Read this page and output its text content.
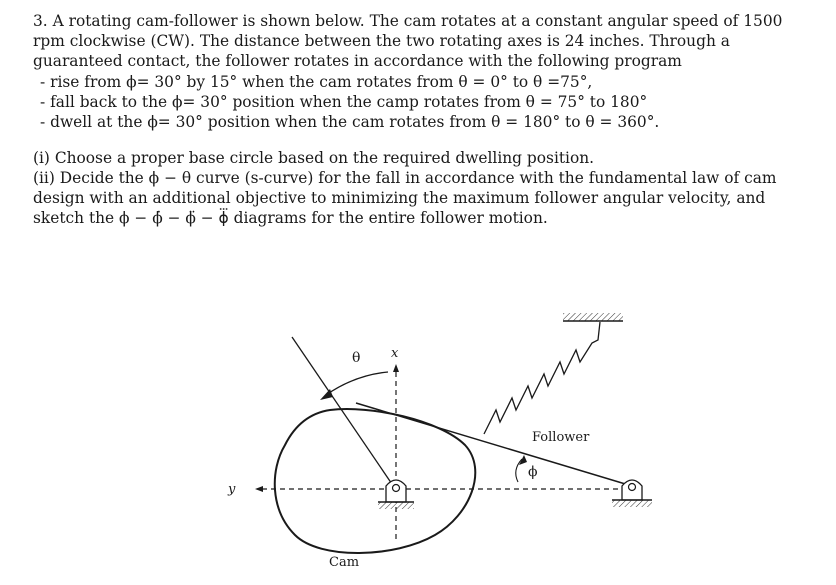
3. A rotating cam-follower is shown below. The cam rotates at a constant angular speed of 1500
rpm clockwise (CW). The distance between the two rotating axes is 24 inches. Through a
guaranteed contact, the follower rotates in accordance with the following program
- rise from ϕ= 30° by 15° when the cam rotates from θ = 0° to θ =75°,
- fall back to the ϕ= 30° position when the camp rotates from θ = 75° to 180°
- dwell at the ϕ= 30° position when the cam rotates from θ = 180° to θ = 360°.
(i) Choose a proper base circle based on the required dwelling position.
(ii) Decide the ϕ − θ curve (s-curve) for the fall in accordance with the fundamental law of cam
design with an additional objective to minimizing the maximum follower angular velocity, and
sketch the ϕ − ϕ̇ − ϕ̈ − ϕ⃛ diagrams for the entire follower motion.
θ x
y
Follower
ϕ
Cam
